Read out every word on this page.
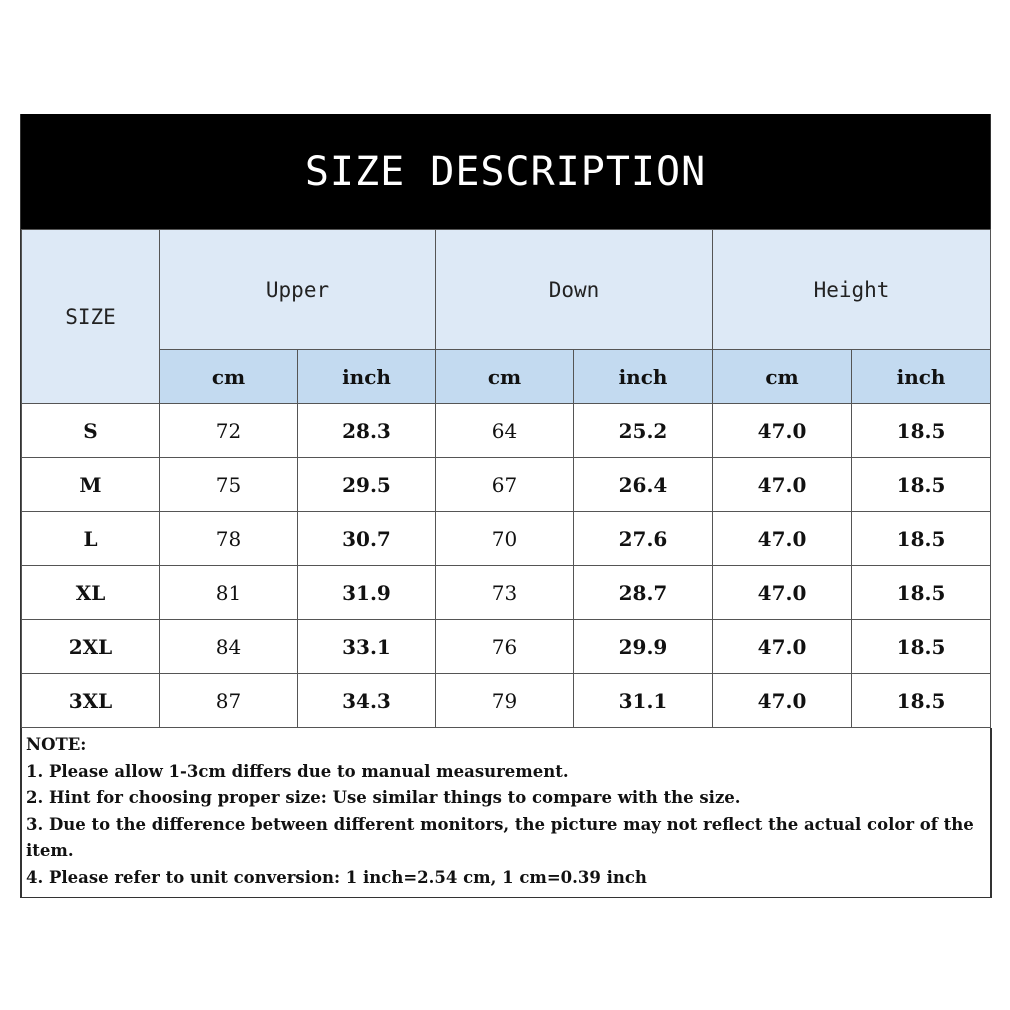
SIZE DESCRIPTION
SIZE	Upper		Down		Height	
	cm	inch	cm	inch	cm	inch
S	72	28.3	64	25.2	47.0	18.5
M	75	29.5	67	26.4	47.0	18.5
L	78	30.7	70	27.6	47.0	18.5
XL	81	31.9	73	28.7	47.0	18.5
2XL	84	33.1	76	29.9	47.0	18.5
3XL	87	34.3	79	31.1	47.0	18.5
NOTE:
1. Please allow 1-3cm differs due to manual measurement.
2. Hint for choosing proper size: Use similar things to compare with the size.
3. Due to the difference between different monitors, the picture may not reflect the actual color of the item.
4. Please refer to unit conversion: 1 inch=2.54 cm, 1 cm=0.39 inch
